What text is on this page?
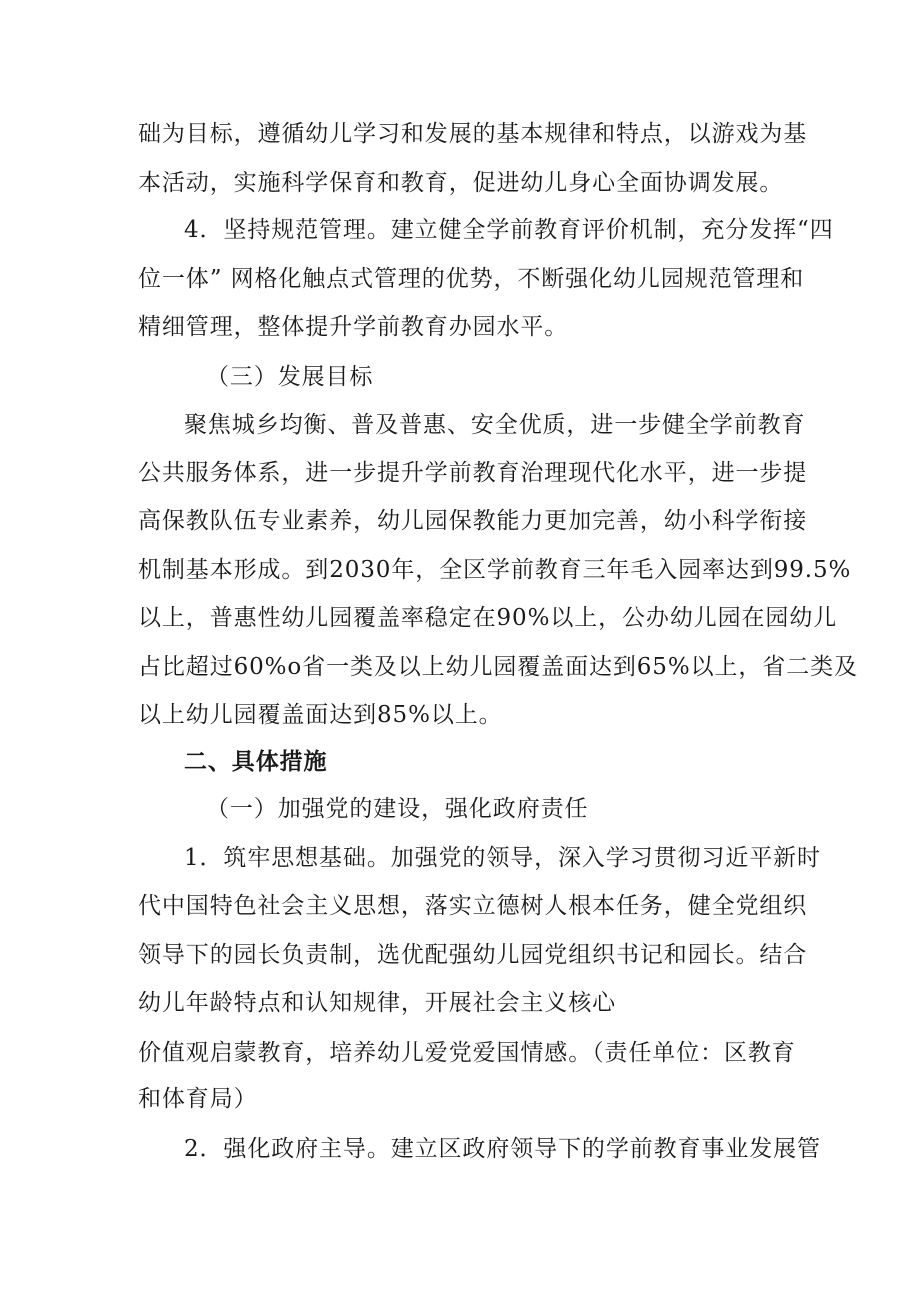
础为目标，遵循幼儿学习和发展的基本规律和特点，以游戏为基
本活动，实施科学保育和教育，促进幼儿身心全面协调发展。
4．坚持规范管理。建立健全学前教育评价机制，充分发挥“四
位一体” 网格化触点式管理的优势，不断强化幼儿园规范管理和
精细管理，整体提升学前教育办园水平。
（三）发展目标
聚焦城乡均衡、普及普惠、安全优质，进一步健全学前教育
公共服务体系，进一步提升学前教育治理现代化水平，进一步提
高保教队伍专业素养，幼儿园保教能力更加完善，幼小科学衔接
机制基本形成。到2030年，全区学前教育三年毛入园率达到99.5%
以上，普惠性幼儿园覆盖率稳定在90%以上，公办幼儿园在园幼儿
占比超过60%o省一类及以上幼儿园覆盖面达到65%以上，省二类及
以上幼儿园覆盖面达到85%以上。
二、具体措施
（一）加强党的建设，强化政府责任
1．筑牢思想基础。加强党的领导，深入学习贯彻习近平新时
代中国特色社会主义思想，落实立德树人根本任务，健全党组织
领导下的园长负责制，选优配强幼儿园党组织书记和园长。结合
幼儿年龄特点和认知规律，开展社会主义核心
价值观启蒙教育，培养幼儿爱党爱国情感。（责任单位：区教育
和体育局）
2．强化政府主导。建立区政府领导下的学前教育事业发展管
